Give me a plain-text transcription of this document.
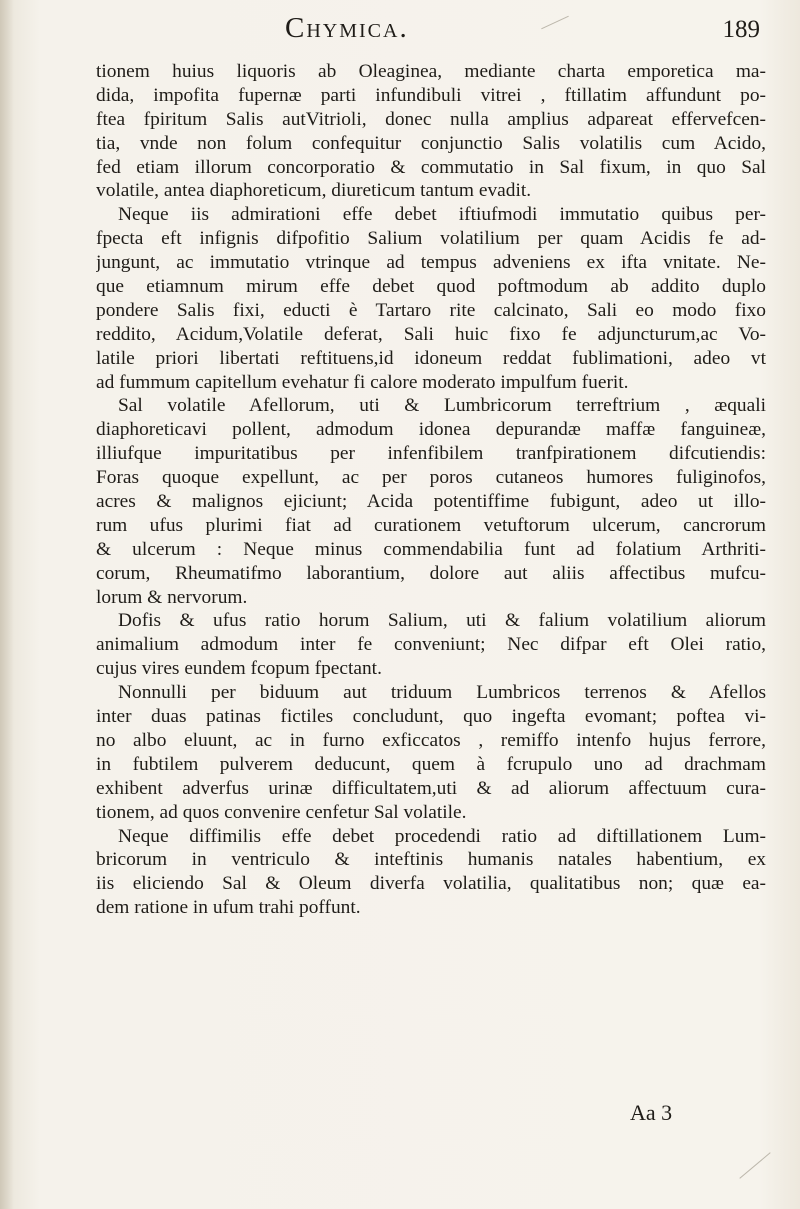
Chymica.	189
tionem huius liquoris ab Oleaginea, mediante charta emporetica ma-
dida, impofita fupernæ parti infundibuli vitrei , ftillatim affundunt po-
ftea fpiritum Salis autVitrioli, donec nulla amplius adpareat effervefcen-
tia, vnde non folum confequitur conjunctio Salis volatilis cum Acido,
fed etiam illorum concorporatio & commutatio in Sal fixum, in quo Sal
volatile, antea diaphoreticum, diureticum tantum evadit.
Neque iis admirationi effe debet iftiufmodi immutatio quibus per-
fpecta eft infignis difpofitio Salium volatilium per quam Acidis fe ad-
jungunt, ac immutatio vtrinque ad tempus adveniens ex ifta vnitate. Ne-
que etiamnum mirum effe debet quod poftmodum ab addito duplo
pondere Salis fixi, educti è Tartaro rite calcinato, Sali eo modo fixo
reddito, Acidum,Volatile deferat, Sali huic fixo fe adjuncturum,ac Vo-
latile priori libertati reftituens,id idoneum reddat fublimationi, adeo vt
ad fummum capitellum evehatur fi calore moderato impulfum fuerit.
Sal volatile Afellorum, uti & Lumbricorum terreftrium , æquali
diaphoreticavi pollent, admodum idonea depurandæ maffæ fanguineæ,
illiufque impuritatibus per infenfibilem tranfpirationem difcutiendis:
Foras quoque expellunt, ac per poros cutaneos humores fuliginofos,
acres & malignos ejiciunt; Acida potentiffime fubigunt, adeo ut illo-
rum ufus plurimi fiat ad curationem vetuftorum ulcerum, cancrorum
& ulcerum : Neque minus commendabilia funt ad folatium Arthriti-
corum, Rheumatifmo laborantium, dolore aut aliis affectibus mufcu-
lorum & nervorum.
Dofis & ufus ratio horum Salium, uti & falium volatilium aliorum
animalium admodum inter fe conveniunt; Nec difpar eft Olei ratio,
cujus vires eundem fcopum fpectant.
Nonnulli per biduum aut triduum Lumbricos terrenos & Afellos
inter duas patinas fictiles concludunt, quo ingefta evomant; poftea vi-
no albo eluunt, ac in furno exficcatos , remiffo intenfo hujus ferrore,
in fubtilem pulverem deducunt, quem à fcrupulo uno ad drachmam
exhibent adverfus urinæ difficultatem,uti & ad aliorum affectuum cura-
tionem, ad quos convenire cenfetur Sal volatile.
Neque diffimilis effe debet procedendi ratio ad diftillationem Lum-
bricorum in ventriculo & inteftinis humanis natales habentium, ex
iis eliciendo Sal & Oleum diverfa volatilia, qualitatibus non; quæ ea-
dem ratione in ufum trahi poffunt.
Aa 3
